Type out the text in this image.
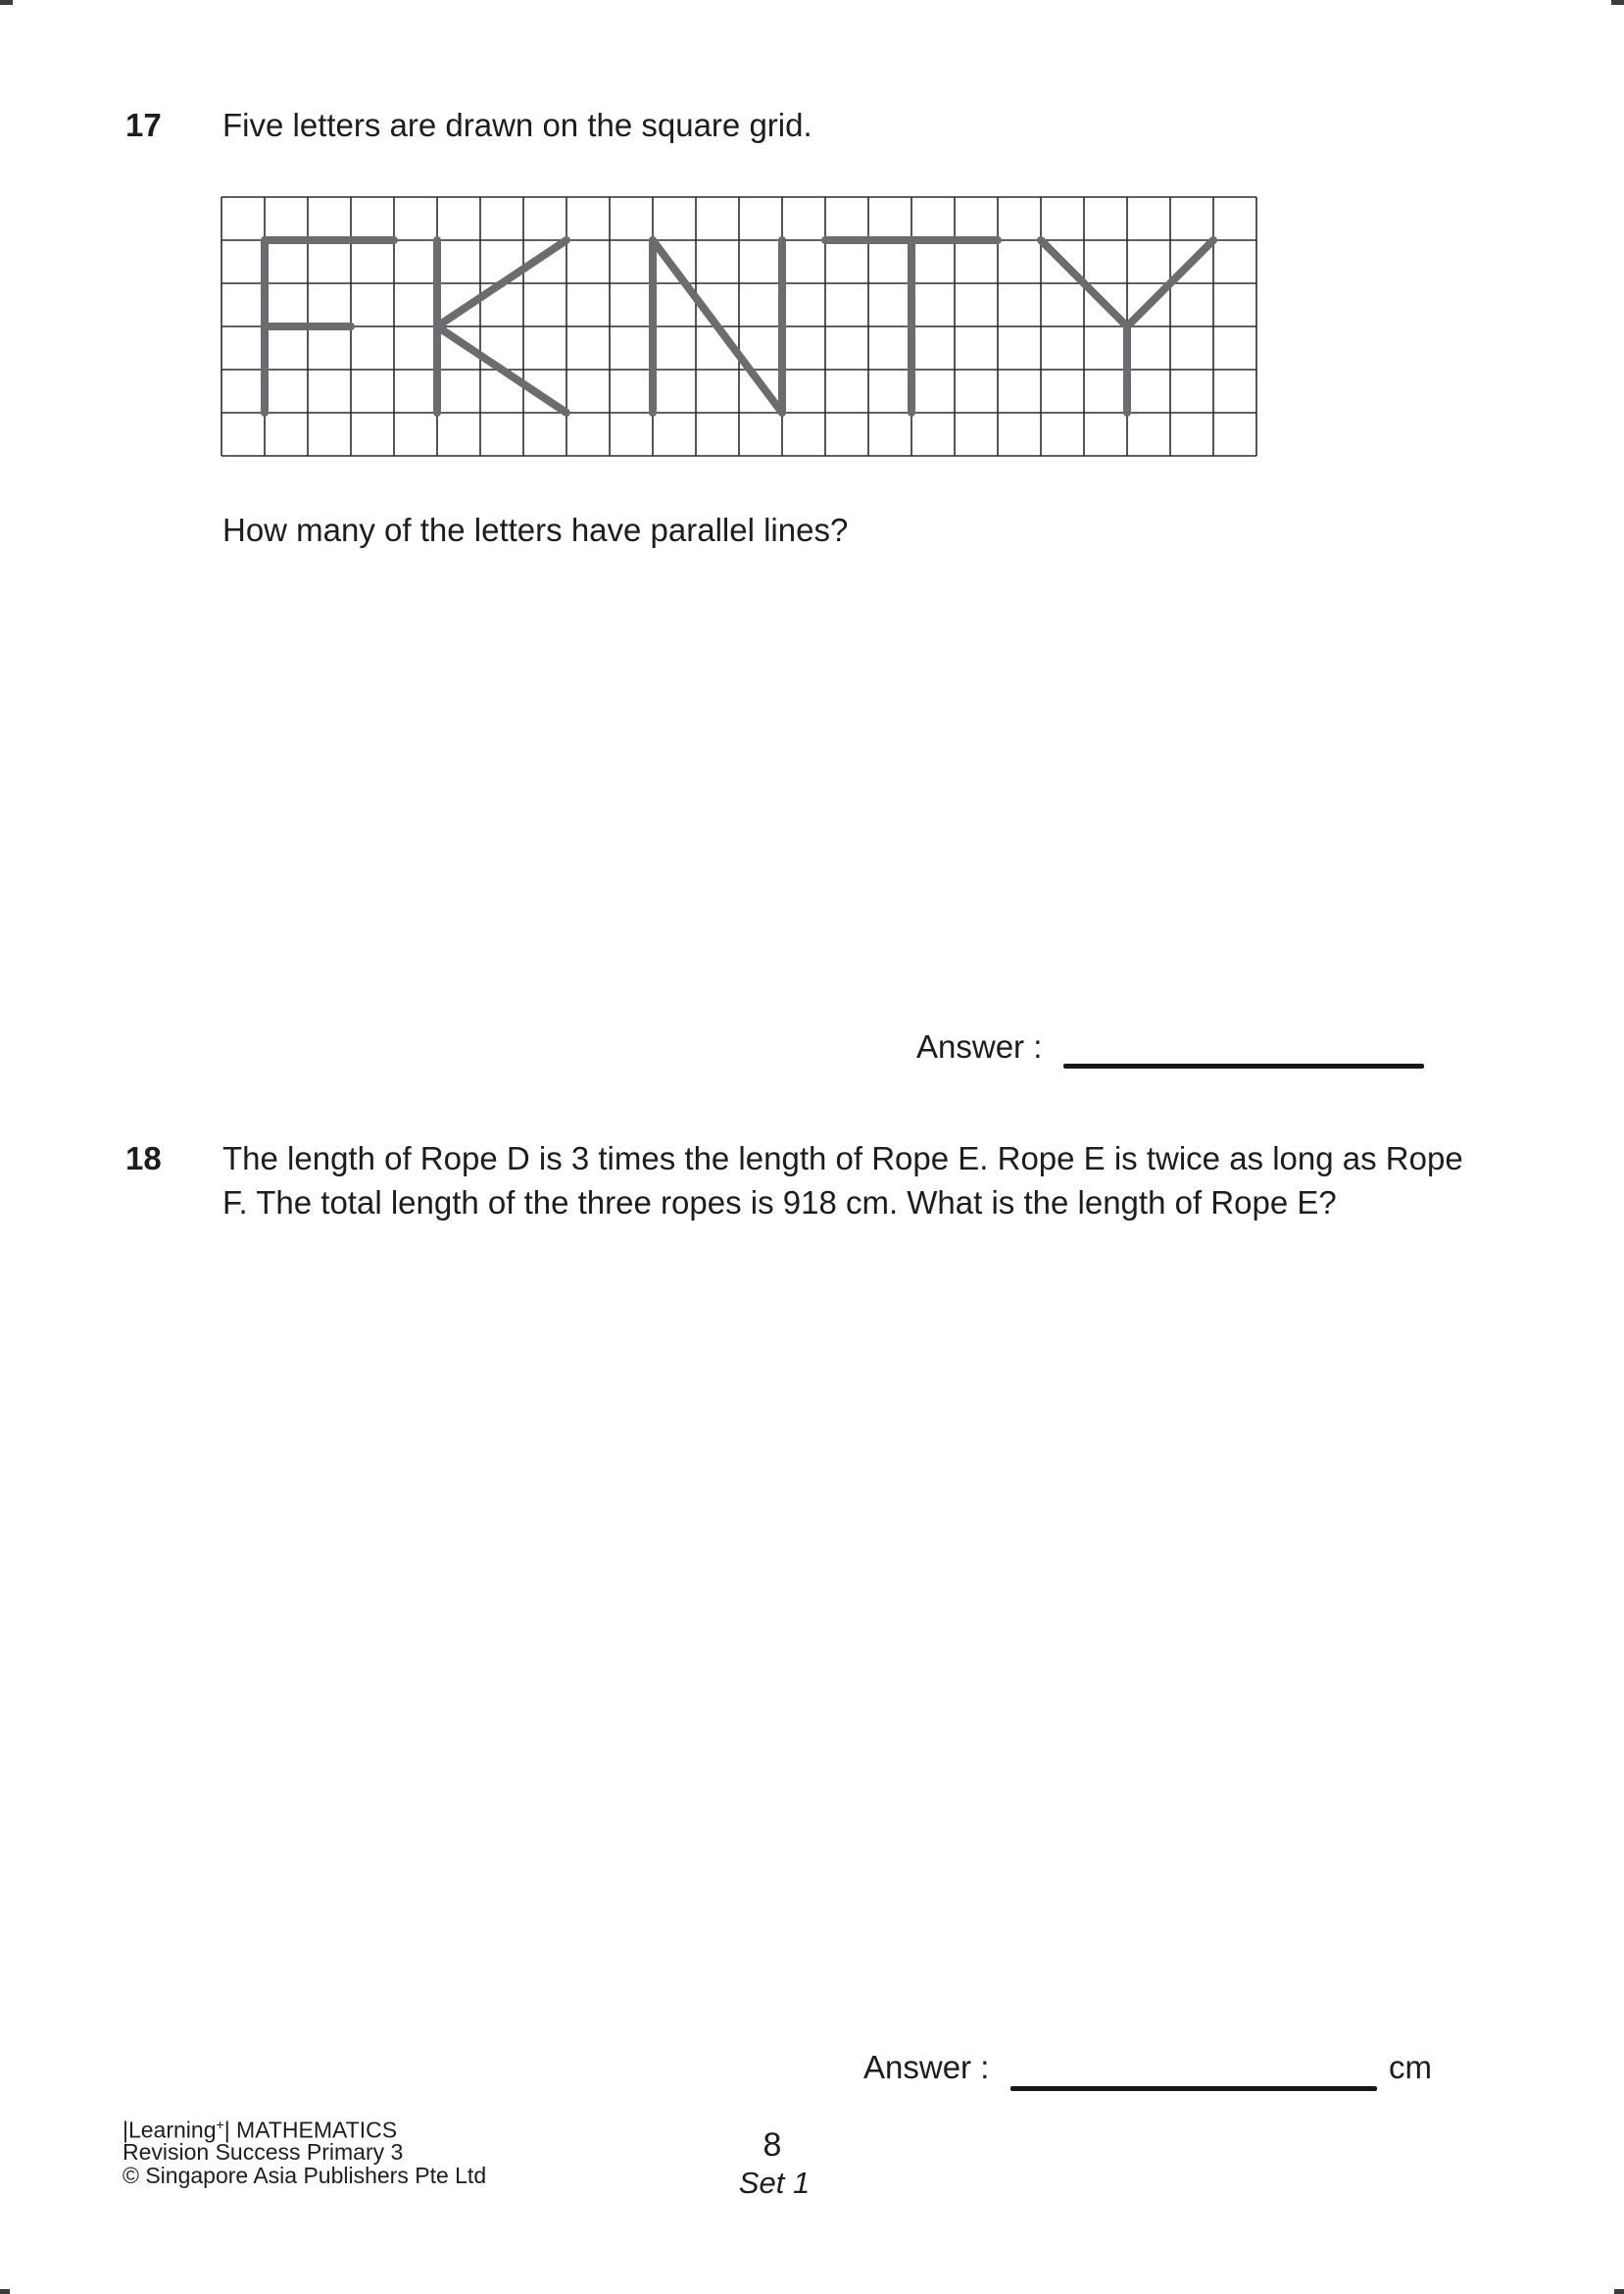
17 Five letters are drawn on the square grid.
How many of the letters have parallel lines?
Answer :
18 The length of Rope D is 3 times the length of Rope E. Rope E is twice as long as Rope F. The total length of the three ropes is 918 cm. What is the length of Rope E?
Answer :	cm
|Learning+| MATHEMATICS
Revision Success Primary 3
© Singapore Asia Publishers Pte Ltd
8
Set 1
